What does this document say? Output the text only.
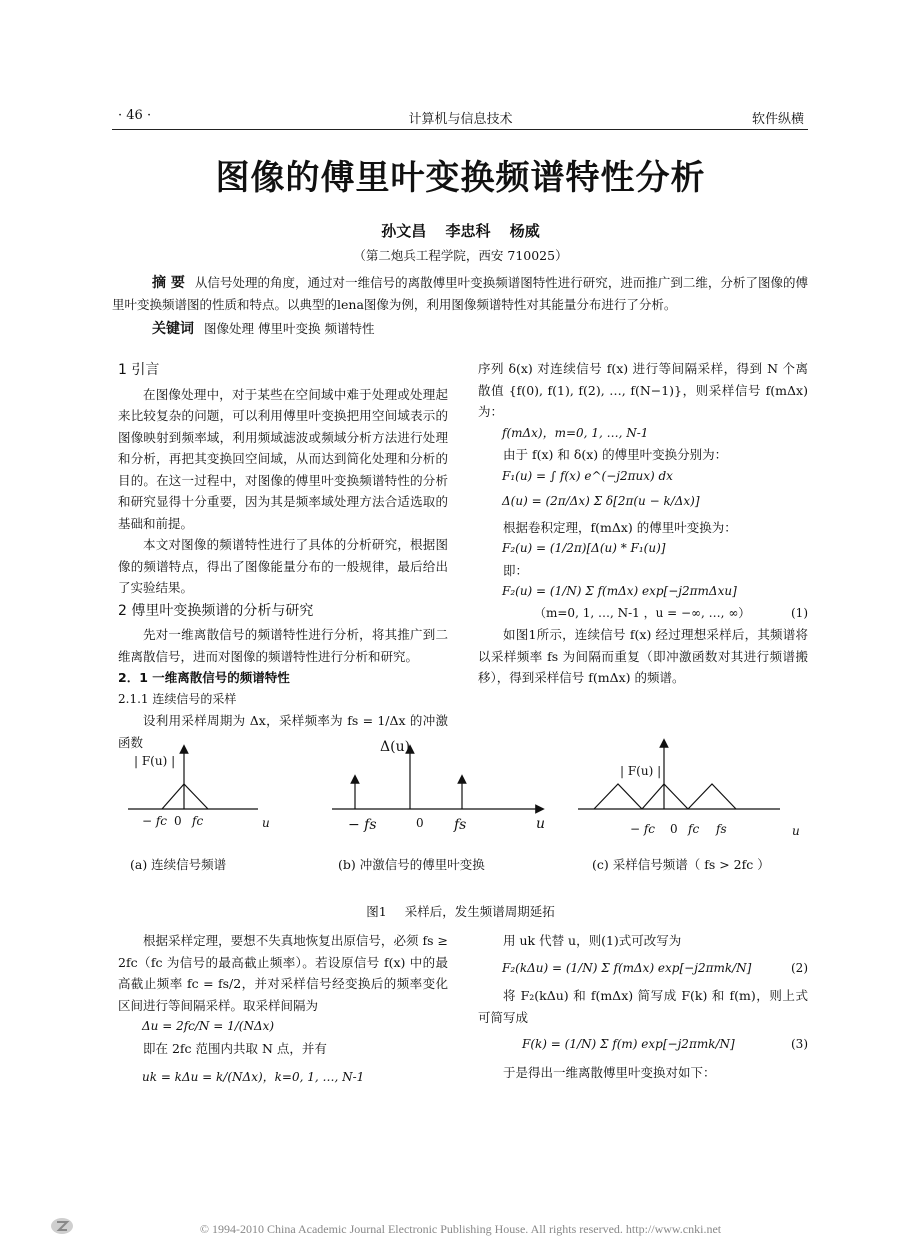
· 46 ·	计算机与信息技术	软件纵横
图像的傅里叶变换频谱特性分析
孙文昌 李忠科 杨威
（第二炮兵工程学院，西安 710025）
摘 要 从信号处理的角度，通过对一维信号的离散傅里叶变换频谱图特性进行研究，进而推广到二维，分析了图像的傅里叶变换频谱图的性质和特点。以典型的lena图像为例，利用图像频谱特性对其能量分布进行了分析。
关键词 图像处理 傅里叶变换 频谱特性

1 引言

在图像处理中，对于某些在空间域中难于处理或处理起来比较复杂的问题，可以利用傅里叶变换把用空间域表示的图像映射到频率域，利用频域滤波或频域分析方法进行处理和分析，再把其变换回空间域，从而达到简化处理和分析的目的。在这一过程中，对图像的傅里叶变换频谱特性的分析和研究显得十分重要，因为其是频率域处理方法合适选取的基础和前提。

本文对图像的频谱特性进行了具体的分析研究，根据图像的频谱特点，得出了图像能量分布的一般规律，最后给出了实验结果。

2 傅里叶变换频谱的分析与研究

先对一维离散信号的频谱特性进行分析，将其推广到二维离散信号，进而对图像的频谱特性进行分析和研究。

2．1 一维离散信号的频谱特性

2.1.1 连续信号的采样

设利用采样周期为 Δx，采样频率为 fs = 1/Δx 的冲激函数

序列 δ(x) 对连续信号 f(x) 进行等间隔采样，得到 N 个离散值 {f(0), f(1), f(2), …, f(N−1)}，则采样信号 f(mΔx) 为：

f(mΔx)，m=0, 1, …, N-1

由于 f(x) 和 δ(x) 的傅里叶变换分别为：

F₁(u) = ∫ f(x) e^(−j2πux) dx

Δ(u) = (2π/Δx) Σ δ[2π(u − k/Δx)]

根据卷积定理，f(mΔx) 的傅里叶变换为：

F₂(u) = (1/2π)[Δ(u) * F₁(u)]

即：

F₂(u) = (1/N) Σ f(mΔx) exp[−j2πmΔxu]

（m=0, 1, …, N-1 ，u = −∞, …, ∞）	(1)

如图1所示，连续信号 f(x) 经过理想采样后，其频谱将以采样频率 fs 为间隔而重复（即冲激函数对其进行频谱搬移），得到采样信号 f(mΔx) 的频谱。

| F(u) |
− fc 0 fc	u
Δ(u)
− fs	0 fs	u
| F(u) |
− fc 0 fc fs	u
(a) 连续信号频谱	(b) 冲激信号的傅里叶变换	(c) 采样信号频谱（ fs > 2fc ）
图1 采样后，发生频谱周期延拓

根据采样定理，要想不失真地恢复出原信号，必须 fs ≥ 2fc（fc 为信号的最高截止频率）。若设原信号 f(x) 中的最高截止频率 fc = fs/2，并对采样信号经变换后的频率变化区间进行等间隔采样。取采样间隔为

Δu = 2fc/N = 1/(NΔx)

即在 2fc 范围内共取 N 点，并有

uk = kΔu = k/(NΔx)，k=0, 1, …, N-1

用 uk 代替 u，则(1)式可改写为

F₂(kΔu) = (1/N) Σ f(mΔx) exp[−j2πmk/N]	(2)

将 F₂(kΔu) 和 f(mΔx) 简写成 F(k) 和 f(m)，则上式可简写成

F(k) = (1/N) Σ f(m) exp[−j2πmk/N]	(3)

于是得出一维离散傅里叶变换对如下：

© 1994-2010 China Academic Journal Electronic Publishing House. All rights reserved. http://www.cnki.net
